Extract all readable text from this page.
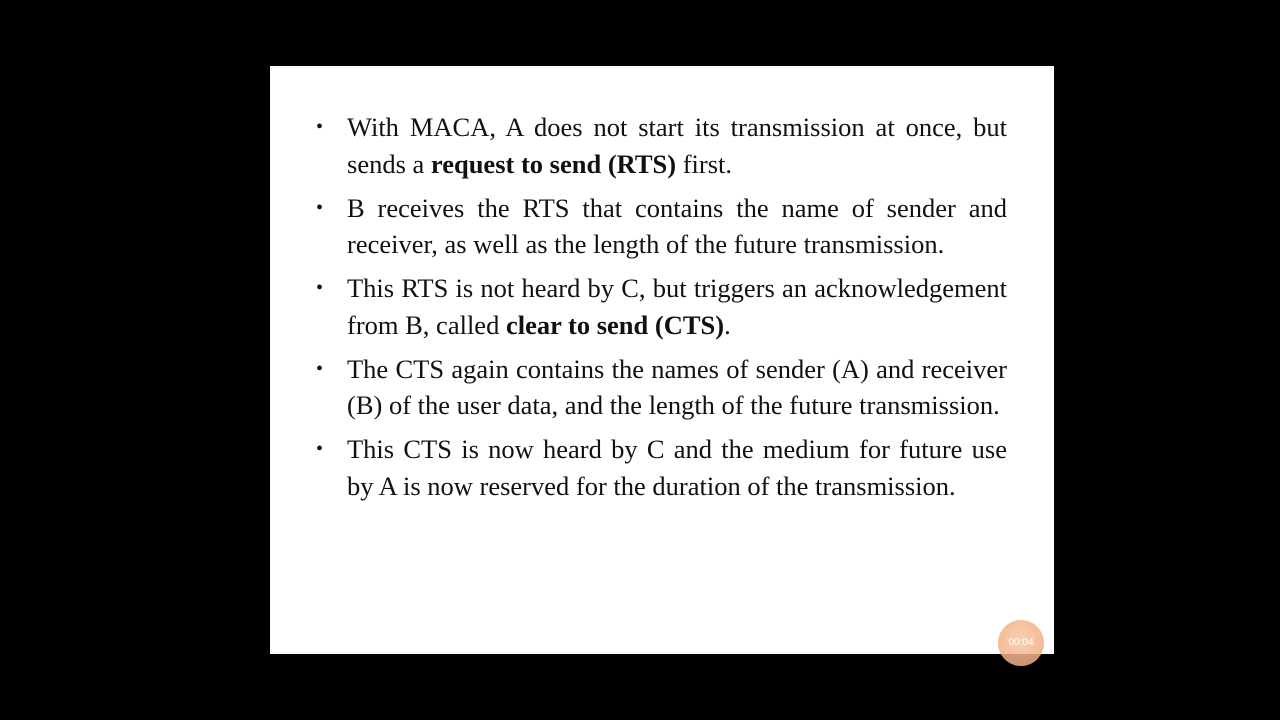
• With MACA, A does not start its transmission at once, but sends a request to send (RTS) first.
• B receives the RTS that contains the name of sender and receiver, as well as the length of the future transmission.
• This RTS is not heard by C, but triggers an acknowledgement from B, called clear to send (CTS).
• The CTS again contains the names of sender (A) and receiver (B) of the user data, and the length of the future transmission.
• This CTS is now heard by C and the medium for future use by A is now reserved for the duration of the transmission.
00:04
